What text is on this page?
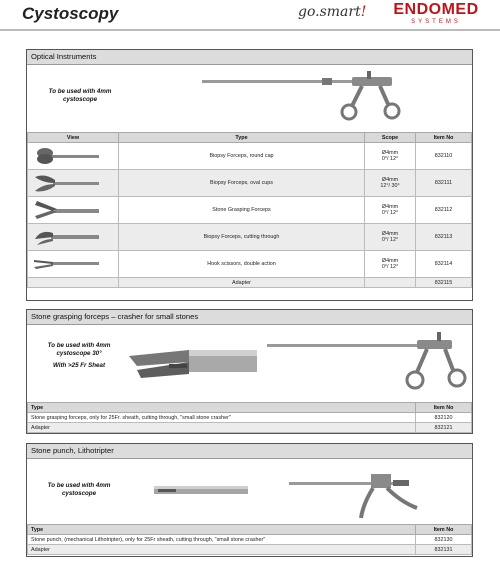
Cystoscopy	go.smart! ENDOMED
SYSTEMS
Optical Instruments
To be used with 4mm
cystoscope
View	Type	Scope	Item No

	Biopsy Forceps, round cap	Ø4mm
0°/ 12°	832110

	Biopsy Forceps, oval cups	Ø4mm
12°/ 30°	832111

	Stone Grasping Forceps	Ø4mm
0°/ 12°	832112

	Biopsy Forceps, cutting through	Ø4mm
0°/ 12°	832113

	Hook scissors, double action	Ø4mm
0°/ 12°	832114
	Adapter		832115
Stone grasping forceps – crasher for small stones
To be used with 4mm
cystoscope 30°
With >25 Fr Sheat
Type	Item No
Stone grasping forceps, only for 25Fr. sheath, cutting through, "small stone crasher"	832120
Adapter	832121
Stone punch, Lithotripter
To be used with 4mm
cystoscope
Type	Item No
Stone punch, (mechanical Lithotripter), only for 25Fr sheath, cutting through, "small stone crasher"	832130
Adapter	832131
